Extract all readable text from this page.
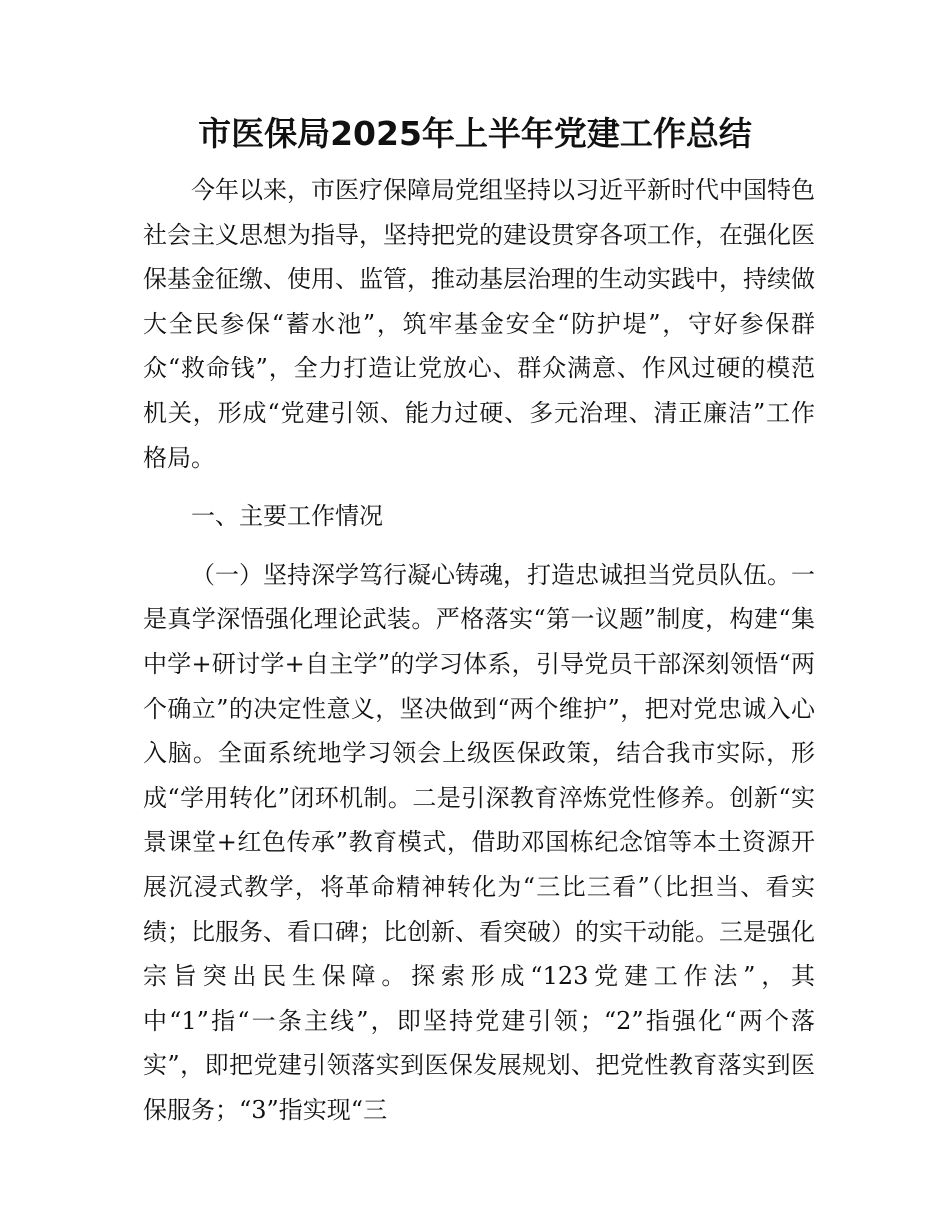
市医保局2025年上半年党建工作总结

今年以来，市医疗保障局党组坚持以习近平新时代中国特色社会主义思想为指导，坚持把党的建设贯穿各项工作，在强化医保基金征缴、使用、监管，推动基层治理的生动实践中，持续做大全民参保“蓄水池”，筑牢基金安全“防护堤”，守好参保群众“救命钱”，全力打造让党放心、群众满意、作风过硬的模范机关，形成“党建引领、能力过硬、多元治理、清正廉洁”工作格局。

一、主要工作情况

（一）坚持深学笃行凝心铸魂，打造忠诚担当党员队伍。一是真学深悟强化理论武装。严格落实“第一议题”制度，构建“集中学+研讨学+自主学”的学习体系，引导党员干部深刻领悟“两个确立”的决定性意义，坚决做到“两个维护”，把对党忠诚入心入脑。全面系统地学习领会上级医保政策，结合我市实际，形成“学用转化”闭环机制。二是引深教育淬炼党性修养。创新“实景课堂+红色传承”教育模式，借助邓国栋纪念馆等本土资源开展沉浸式教学，将革命精神转化为“三比三看”（比担当、看实绩；比服务、看口碑；比创新、看突破）的实干动能。三是强化宗旨突出民生保障。探索形成“123党建工作法”，其中“1”指“一条主线”，即坚持党建引领；“2”指强化“两个落实”，即把党建引领落实到医保发展规划、把党性教育落实到医保服务；“3”指实现“三
